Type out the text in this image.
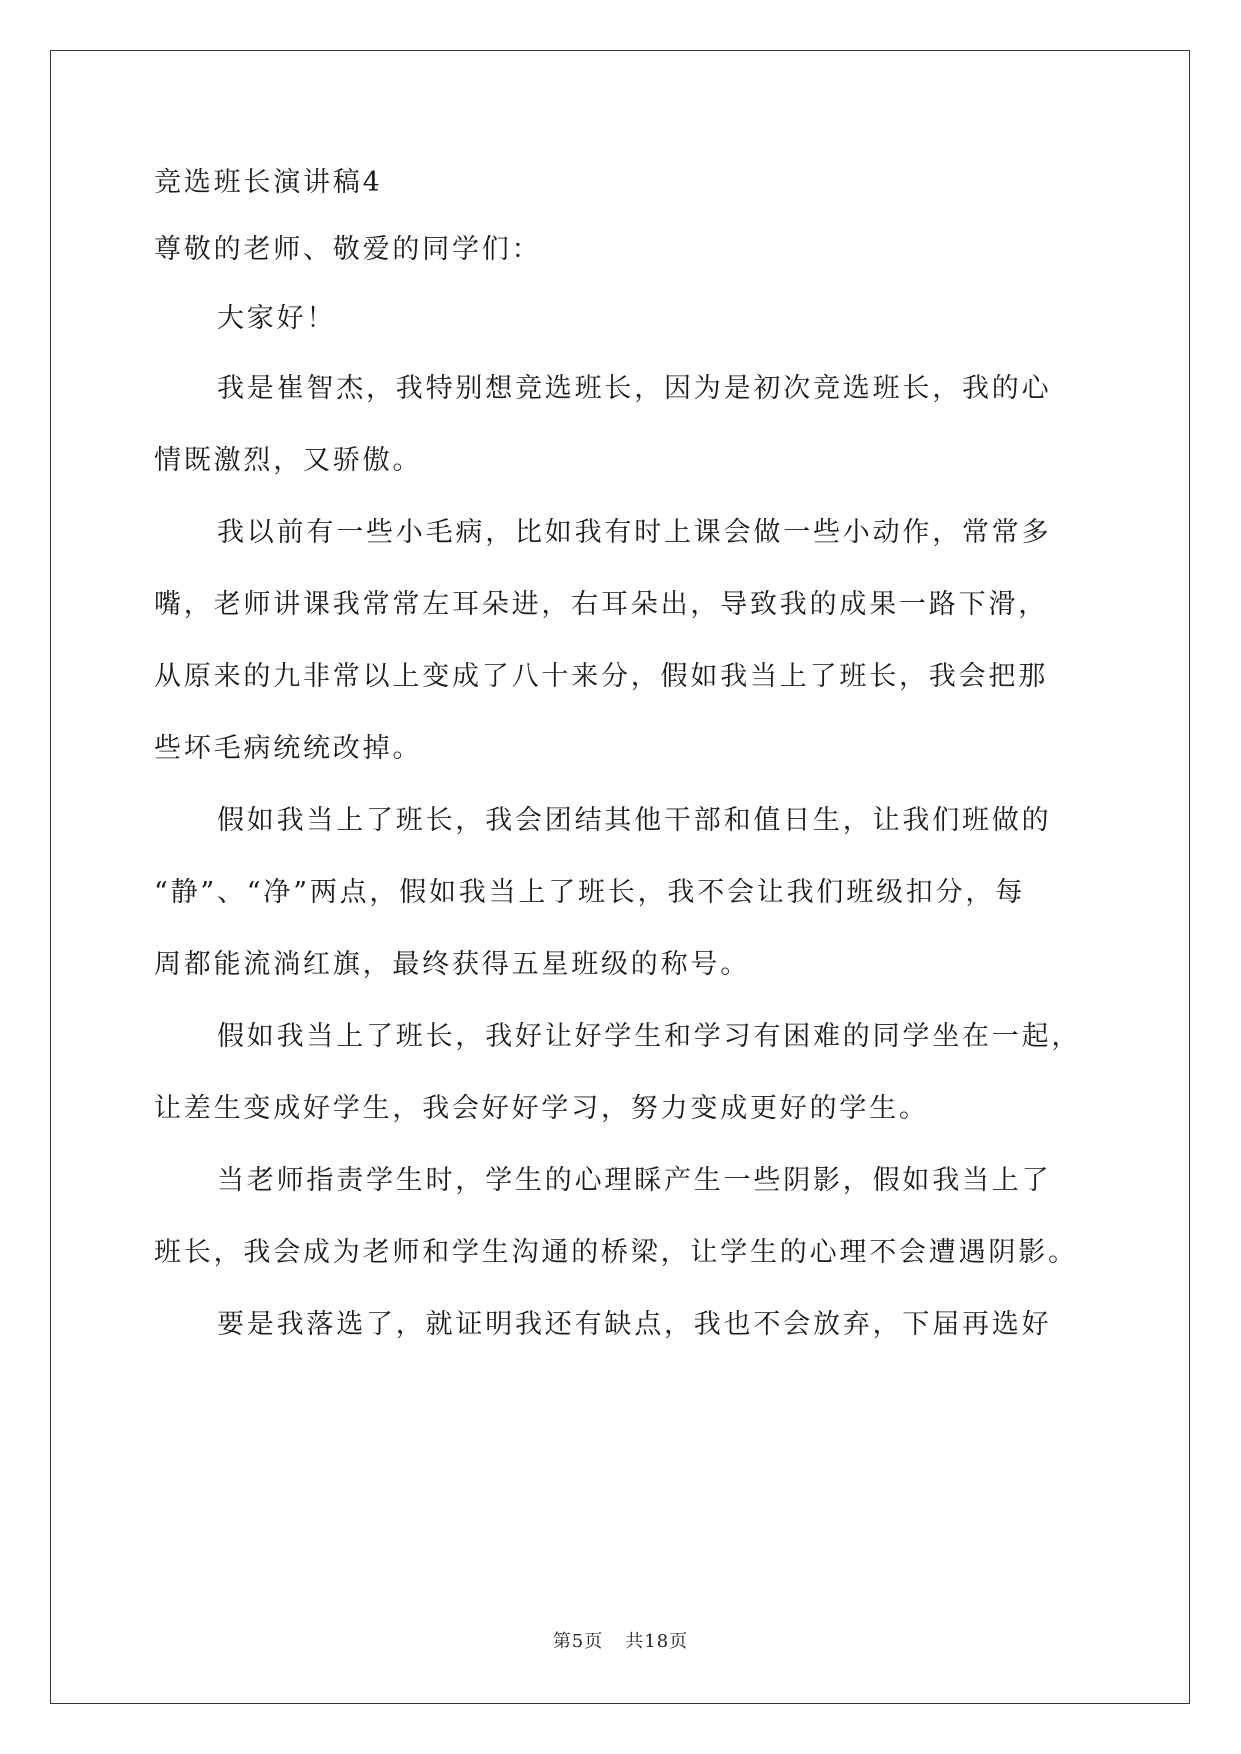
竞选班长演讲稿4
尊敬的老师、敬爱的同学们：
大家好！
我是崔智杰，我特别想竞选班长，因为是初次竞选班长，我的心
情既激烈，又骄傲。
我以前有一些小毛病，比如我有时上课会做一些小动作，常常多
嘴，老师讲课我常常左耳朵进，右耳朵出，导致我的成果一路下滑，
从原来的九非常以上变成了八十来分，假如我当上了班长，我会把那
些坏毛病统统改掉。
假如我当上了班长，我会团结其他干部和值日生，让我们班做的
“静”、“净”两点，假如我当上了班长，我不会让我们班级扣分，每
周都能流淌红旗，最终获得五星班级的称号。
假如我当上了班长，我好让好学生和学习有困难的同学坐在一起，
让差生变成好学生，我会好好学习，努力变成更好的学生。
当老师指责学生时，学生的心理睬产生一些阴影，假如我当上了
班长，我会成为老师和学生沟通的桥梁，让学生的心理不会遭遇阴影。
要是我落选了，就证明我还有缺点，我也不会放弃，下届再选好
第5页 共18页
